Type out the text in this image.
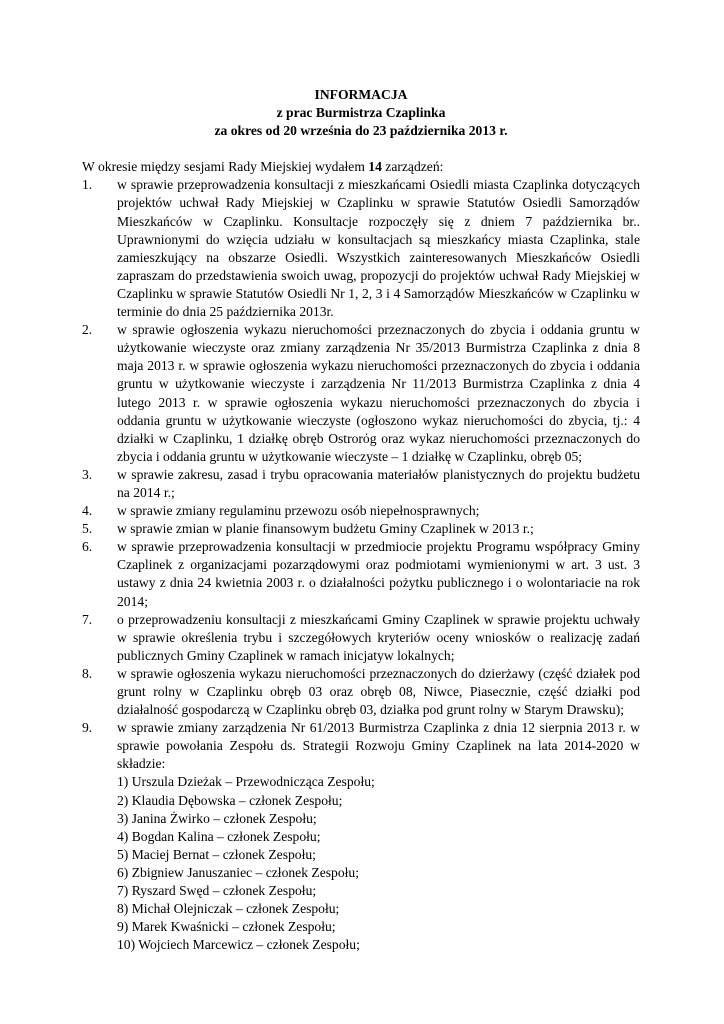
INFORMACJA
z prac Burmistrza Czaplinka
za okres od 20 września do 23 października 2013 r.

W okresie między sesjami Rady Miejskiej wydałem 14 zarządzeń:

1. w sprawie przeprowadzenia konsultacji z mieszkańcami Osiedli miasta Czaplinka dotyczących projektów uchwał Rady Miejskiej w Czaplinku w sprawie Statutów Osiedli Samorządów Mieszkańców w Czaplinku. Konsultacje rozpoczęły się z dniem 7 października br.. Uprawnionymi do wzięcia udziału w konsultacjach są mieszkańcy miasta Czaplinka, stale zamieszkujący na obszarze Osiedli. Wszystkich zainteresowanych Mieszkańców Osiedli zapraszam do przedstawienia swoich uwag, propozycji do projektów uchwał Rady Miejskiej w Czaplinku w sprawie Statutów Osiedli Nr 1, 2, 3 i 4 Samorządów Mieszkańców w Czaplinku w terminie do dnia 25 października 2013r.
2. w sprawie ogłoszenia wykazu nieruchomości przeznaczonych do zbycia i oddania gruntu w użytkowanie wieczyste oraz zmiany zarządzenia Nr 35/2013 Burmistrza Czaplinka z dnia 8 maja 2013 r. w sprawie ogłoszenia wykazu nieruchomości przeznaczonych do zbycia i oddania gruntu w użytkowanie wieczyste i zarządzenia Nr 11/2013 Burmistrza Czaplinka z dnia 4 lutego 2013 r. w sprawie ogłoszenia wykazu nieruchomości przeznaczonych do zbycia i oddania gruntu w użytkowanie wieczyste (ogłoszono wykaz nieruchomości do zbycia, tj.: 4 działki w Czaplinku, 1 działkę obręb Ostrorόg oraz wykaz nieruchomości przeznaczonych do zbycia i oddania gruntu w użytkowanie wieczyste – 1 działkę w Czaplinku, obręb 05;
3. w sprawie zakresu, zasad i trybu opracowania materiałów planistycznych do projektu budżetu na 2014 r.;
4. w sprawie zmiany regulaminu przewozu osób niepełnosprawnych;
5. w sprawie zmian w planie finansowym budżetu Gminy Czaplinek w 2013 r.;
6. w sprawie przeprowadzenia konsultacji w przedmiocie projektu Programu współpracy Gminy Czaplinek z organizacjami pozarządowymi oraz podmiotami wymienionymi w art. 3 ust. 3 ustawy z dnia 24 kwietnia 2003 r. o działalności pożytku publicznego i o wolontariacie na rok 2014;
7. o przeprowadzeniu konsultacji z mieszkańcami Gminy Czaplinek w sprawie projektu uchwały w sprawie określenia trybu i szczegółowych kryteriów oceny wniosków o realizację zadań publicznych Gminy Czaplinek w ramach inicjatyw lokalnych;
8. w sprawie ogłoszenia wykazu nieruchomości przeznaczonych do dzierżawy (część działek pod grunt rolny w Czaplinku obręb 03 oraz obręb 08, Niwce, Piasecznie, część działki pod działalność gospodarczą w Czaplinku obręb 03, działka pod grunt rolny w Starym Drawsku);
9. w sprawie zmiany zarządzenia Nr 61/2013 Burmistrza Czaplinka z dnia 12 sierpnia 2013 r. w sprawie powołania Zespołu ds. Strategii Rozwoju Gminy Czaplinek na lata 2014-2020 w składzie:
1) Urszula Dzieżak – Przewodnicząca Zespołu;
2) Klaudia Dębowska – członek Zespołu;
3) Janina Żwirko – członek Zespołu;
4) Bogdan Kalina – członek Zespołu;
5) Maciej Bernat – członek Zespołu;
6) Zbigniew Januszaniec – członek Zespołu;
7) Ryszard Swęd – członek Zespołu;
8) Michał Olejniczak – członek Zespołu;
9) Marek Kwaśnicki – członek Zespołu;
10) Wojciech Marcewicz – członek Zespołu;
